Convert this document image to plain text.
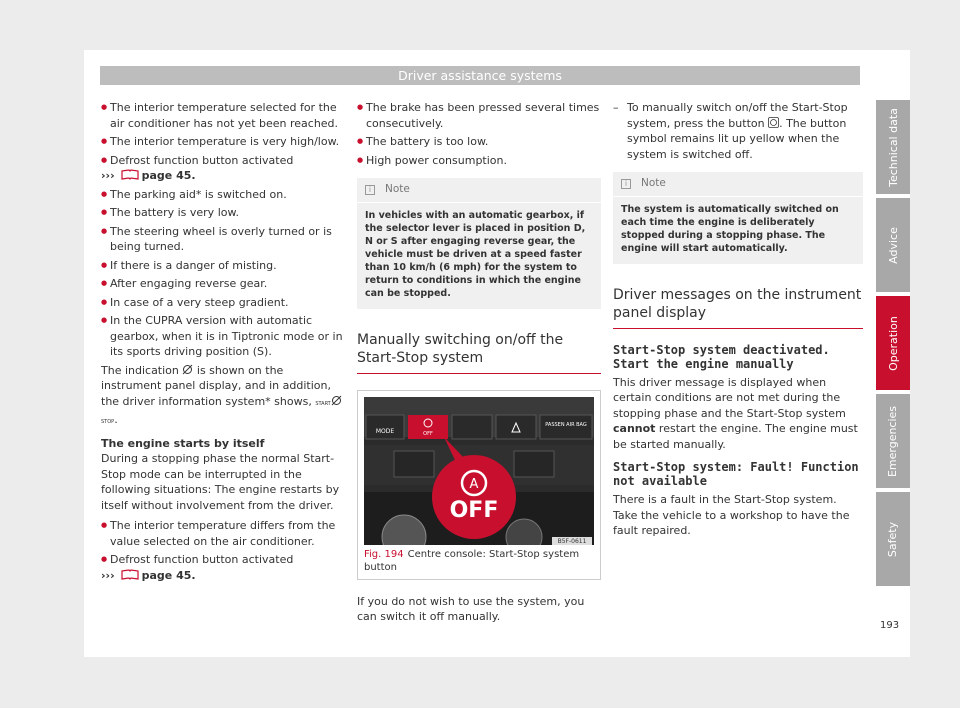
Driver assistance systems
● The interior temperature selected for the air conditioner has not yet been reached.
● The interior temperature is very high/low.
● Defrost function button activated
››› page 45.
● The parking aid* is switched on.
● The battery is very low.
● The steering wheel is overly turned or is being turned.
● If there is a danger of misting.
● After engaging reverse gear.
● In case of a very steep gradient.
● In the CUPRA version with automatic gearbox, when it is in Tiptronic mode or in its sports driving position (S).
The indication is shown on the instrument panel display, and in addition, the driver information system* shows, STARTSTOP.
The engine starts by itself
During a stopping phase the normal Start-Stop mode can be interrupted in the following situations: The engine restarts by itself without involvement from the driver.
● The interior temperature differs from the value selected on the air conditioner.
● Defrost function button activated
››› page 45.
● The brake has been pressed several times consecutively.
● The battery is too low.
● High power consumption.
i Note
In vehicles with an automatic gearbox, if the selector lever is placed in position D, N or S after engaging reverse gear, the vehicle must be driven at a speed faster than 10 km/h (6 mph) for the system to return to conditions in which the engine can be stopped.
Manually switching on/off the Start-Stop system
MODE	OFF
PASSEN AIR BAG
A
OFF
B5F-0611
Fig. 194 Centre console: Start-Stop system button
If you do not wish to use the system, you can switch it off manually.
– To manually switch on/off the Start-Stop system, press the button . The button symbol remains lit up yellow when the system is switched off.
i Note
The system is automatically switched on each time the engine is deliberately stopped during a stopping phase. The engine will start automatically.
Driver messages on the instrument panel display
Start-Stop system deactivated. Start the engine manually
This driver message is displayed when certain conditions are not met during the stopping phase and the Start-Stop system cannot restart the engine. The engine must be started manually.
Start-Stop system: Fault! Function not available
There is a fault in the Start-Stop system. Take the vehicle to a workshop to have the fault repaired.
Technical data
Advice
Operation
Emergencies
Safety
193
